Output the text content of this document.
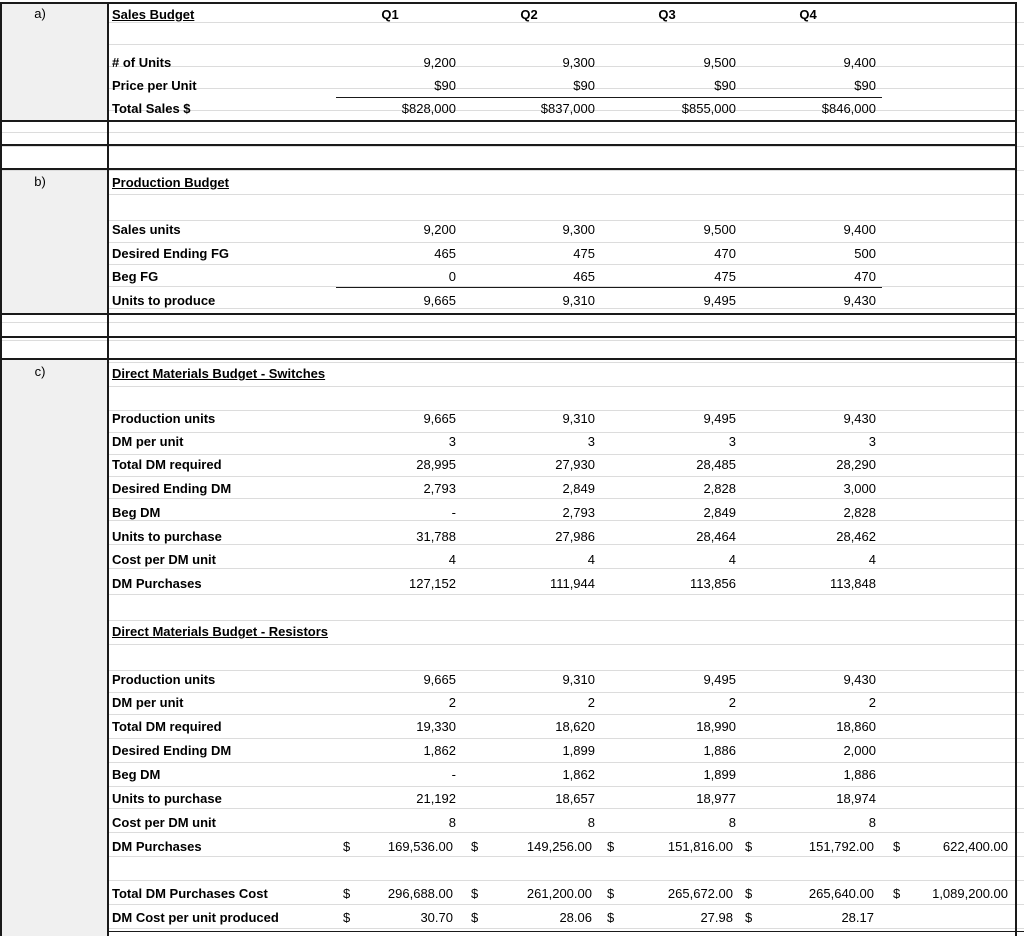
Q1	Q2	Q3	Q4
a)	Sales Budget
# of Units	9,200	9,300	9,500	9,400
Price per Unit	$90	$90	$90	$90
Total Sales $	$828,000	$837,000	$855,000	$846,000
b)	Production Budget
Sales units	9,200	9,300	9,500	9,400
Desired Ending FG	465	475	470	500
Beg FG	0	465	475	470
Units to produce	9,665	9,310	9,495	9,430
c)	Direct Materials Budget - Switches
Production units	9,665	9,310	9,495	9,430
DM per unit	3	3	3	3
Total DM required	28,995	27,930	28,485	28,290
Desired Ending DM	2,793	2,849	2,828	3,000
Beg DM	-	2,793	2,849	2,828
Units to purchase	31,788	27,986	28,464	28,462
Cost per DM unit	4	4	4	4
DM Purchases	127,152	111,944	113,856	113,848
Direct Materials Budget - Resistors
Production units	9,665	9,310	9,495	9,430
DM per unit	2	2	2	2
Total DM required	19,330	18,620	18,990	18,860
Desired Ending DM	1,862	1,899	1,886	2,000
Beg DM	-	1,862	1,899	1,886
Units to purchase	21,192	18,657	18,977	18,974
Cost per DM unit	8	8	8	8
DM Purchases	$	169,536.00 $	149,256.00 $	151,816.00 $	151,792.00 $	622,400.00
Total DM Purchases Cost	$	296,688.00 $	261,200.00 $	265,672.00 $	265,640.00 $	1,089,200.00
DM Cost per unit produced	$	30.70 $	28.06 $	27.98 $	28.17
